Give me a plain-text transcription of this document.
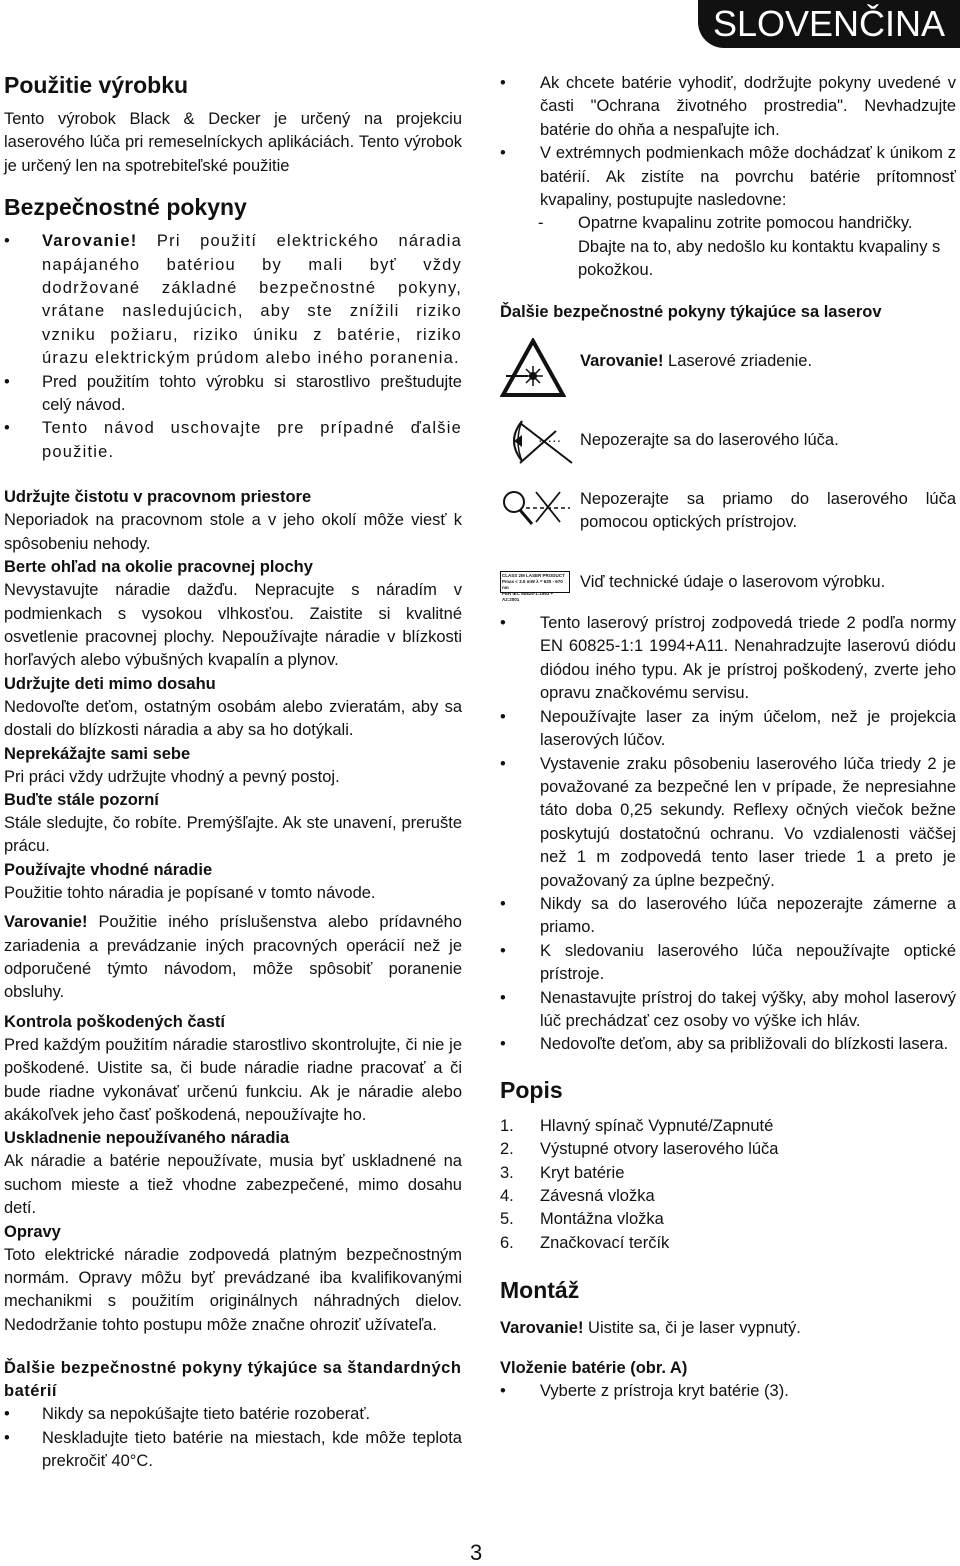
SLOVENČINA
Použitie výrobku

Tento výrobok Black & Decker je určený na projekciu laserového lúča pri remeselníckych aplikáciách. Tento výrobok je určený len na spotrebiteľské použitie

Bezpečnostné pokyny
• Varovanie! Pri použití elektrického náradia napájaného batériou by mali byť vždy dodržované základné bezpečnostné pokyny, vrátane nasledujúcich, aby ste znížili riziko vzniku požiaru, riziko úniku z batérie, riziko úrazu elektrickým prúdom alebo iného poranenia.
• Pred použitím tohto výrobku si starostlivo preštudujte celý návod.
• Tento návod uschovajte pre prípadné ďalšie použitie.
Udržujte čistotu v pracovnom priestore

Neporiadok na pracovnom stole a v jeho okolí môže viesť k spôsobeniu nehody.

Berte ohľad na okolie pracovnej plochy

Nevystavujte náradie dažďu. Nepracujte s náradím v podmienkach s vysokou vlhkosťou. Zaistite si kvalitné osvetlenie pracovnej plochy. Nepoužívajte náradie v blízkosti horľavých alebo výbušných kvapalín a plynov.

Udržujte deti mimo dosahu

Nedovoľte deťom, ostatným osobám alebo zvieratám, aby sa dostali do blízkosti náradia a aby sa ho dotýkali.

Neprekážajte sami sebe

Pri práci vždy udržujte vhodný a pevný postoj.

Buďte stále pozorní

Stále sledujte, čo robíte. Premýšľajte. Ak ste unavení, prerušte prácu.

Používajte vhodné náradie

Použitie tohto náradia je popísané v tomto návode.

Varovanie! Použitie iného príslušenstva alebo prídavného zariadenia a prevádzanie iných pracovných operácií než je odporučené týmto návodom, môže spôsobiť poranenie obsluhy.

Kontrola poškodených častí

Pred každým použitím náradie starostlivo skontrolujte, či nie je poškodené. Uistite sa, či bude náradie riadne pracovať a či bude riadne vykonávať určenú funkciu. Ak je náradie alebo akákoľvek jeho časť poškodená, nepoužívajte ho.

Uskladnenie nepoužívaného náradia

Ak náradie a batérie nepoužívate, musia byť uskladnené na suchom mieste a tiež vhodne zabezpečené, mimo dosahu detí.

Opravy

Toto elektrické náradie zodpovedá platným bezpečnostným normám. Opravy môžu byť prevádzané iba kvalifikovanými mechanikmi s použitím originálnych náhradných dielov. Nedodržanie tohto postupu môže značne ohroziť užívateľa.

Ďalšie bezpečnostné pokyny týkajúce sa štandardných batérií
• Nikdy sa nepokúšajte tieto batérie rozoberať.
• Neskladujte tieto batérie na miestach, kde môže teplota prekročiť 40°C.
• Ak chcete batérie vyhodiť, dodržujte pokyny uvedené v časti "Ochrana životného prostredia". Nevhadzujte batérie do ohňa a nespaľujte ich.
• V extrémnych podmienkach môže dochádzať k únikom z batérií. Ak zistíte na povrchu batérie prítomnosť kvapaliny, postupujte nasledovne:
-	Opatrne kvapalinu zotrite pomocou handričky. Dbajte na to, aby nedošlo ku kontaktu kvapaliny s pokožkou.
Ďalšie bezpečnostné pokyny týkajúce sa laserov
Varovanie! Laserové zriadenie.
····· Nepozerajte sa do laserového lúča.
Nepozerajte sa priamo do laserového lúča pomocou optických prístrojov.
CLASS 2M LASER PRODUCT
Pmax < 3.5 mW λ = 630 - 670 nm
PER IEC 60825-1:1993 + A2:2001
Viď technické údaje o laserovom výrobku.
• Tento laserový prístroj zodpovedá triede 2 podľa normy EN 60825-1:1 1994+A11. Nenahradzujte laserovú diódu diódou iného typu. Ak je prístroj poškodený, zverte jeho opravu značkovému servisu.
• Nepoužívajte laser za iným účelom, než je projekcia laserových lúčov.
• Vystavenie zraku pôsobeniu laserového lúča triedy 2 je považované za bezpečné len v prípade, že nepresiahne táto doba 0,25 sekundy. Reflexy očných viečok bežne poskytujú dostatočnú ochranu. Vo vzdialenosti väčšej než 1 m zodpovedá tento laser triede 1 a preto je považovaný za úplne bezpečný.
• Nikdy sa do laserového lúča nepozerajte zámerne a priamo.
• K sledovaniu laserového lúča nepoužívajte optické prístroje.
• Nenastavujte prístroj do takej výšky, aby mohol laserový lúč prechádzať cez osoby vo výške ich hláv.
• Nedovoľte deťom, aby sa približovali do blízkosti lasera.
Popis
1. Hlavný spínač Vypnuté/Zapnuté
2. Výstupné otvory laserového lúča
3. Kryt batérie
4. Závesná vložka
5. Montážna vložka
6. Značkovací terčík
Montáž

Varovanie! Uistite sa, či je laser vypnutý.

Vloženie batérie (obr. A)
• Vyberte z prístroja kryt batérie (3).
3
